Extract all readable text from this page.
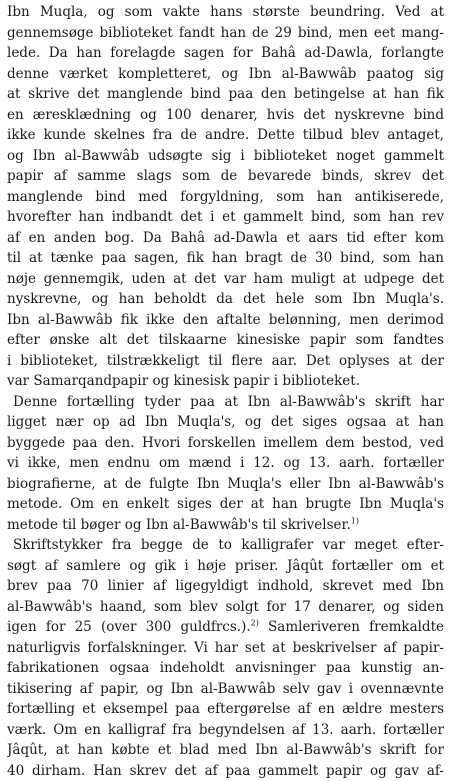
Ibn Muqla, og som vakte hans største beundring. Ved at
gennemsøge biblioteket fandt han de 29 bind, men eet mang-
lede. Da han forelagde sagen for Bahâ ad-Dawla, forlangte
denne værket kompletteret, og Ibn al-Bawwâb paatog sig
at skrive det manglende bind paa den betingelse at han fik
en æresklædning og 100 denarer, hvis det nyskrevne bind
ikke kunde skelnes fra de andre. Dette tilbud blev antaget,
og Ibn al-Bawwâb udsøgte sig i biblioteket noget gammelt
papir af samme slags som de bevarede binds, skrev det
manglende bind med forgyldning, som han antikiserede,
hvorefter han indbandt det i et gammelt bind, som han rev
af en anden bog. Da Bahâ ad-Dawla et aars tid efter kom
til at tænke paa sagen, fik han bragt de 30 bind, som han
nøje gennemgik, uden at det var ham muligt at udpege det
nyskrevne, og han beholdt da det hele som Ibn Muqla's.
Ibn al-Bawwâb fik ikke den aftalte belønning, men derimod
efter ønske alt det tilskaarne kinesiske papir som fandtes
i biblioteket, tilstrækkeligt til flere aar. Det oplyses at der
var Samarqandpapir og kinesisk papir i biblioteket.
Denne fortælling tyder paa at Ibn al-Bawwâb's skrift har
ligget nær op ad Ibn Muqla's, og det siges ogsaa at han
byggede paa den. Hvori forskellen imellem dem bestod, ved
vi ikke, men endnu om mænd i 12. og 13. aarh. fortæller
biografierne, at de fulgte Ibn Muqla's eller Ibn al-Bawwâb's
metode. Om en enkelt siges der at han brugte Ibn Muqla's
metode til bøger og Ibn al-Bawwâb's til skrivelser.$^{1)}$
Skriftstykker fra begge de to kalligrafer var meget efter-
søgt af samlere og gik i høje priser. Jâqût fortæller om et
brev paa 70 linier af ligegyldigt indhold, skrevet med Ibn
al-Bawwâb's haand, som blev solgt for 17 denarer, og siden
igen for 25 (over 300 guldfrcs.).$^{2)}$ Samleriveren fremkaldte
naturligvis forfalskninger. Vi har set at beskrivelser af papir-
fabrikationen ogsaa indeholdt anvisninger paa kunstig an-
tikisering af papir, og Ibn al-Bawwâb selv gav i ovennævnte
fortælling et eksempel paa eftergørelse af en ældre mesters
værk. Om en kalligraf fra begyndelsen af 13. aarh. fortæller
Jâqût, at han købte et blad med Ibn al-Bawwâb's skrift for
40 dirham. Han skrev det af paa gammelt papir og gav af-
